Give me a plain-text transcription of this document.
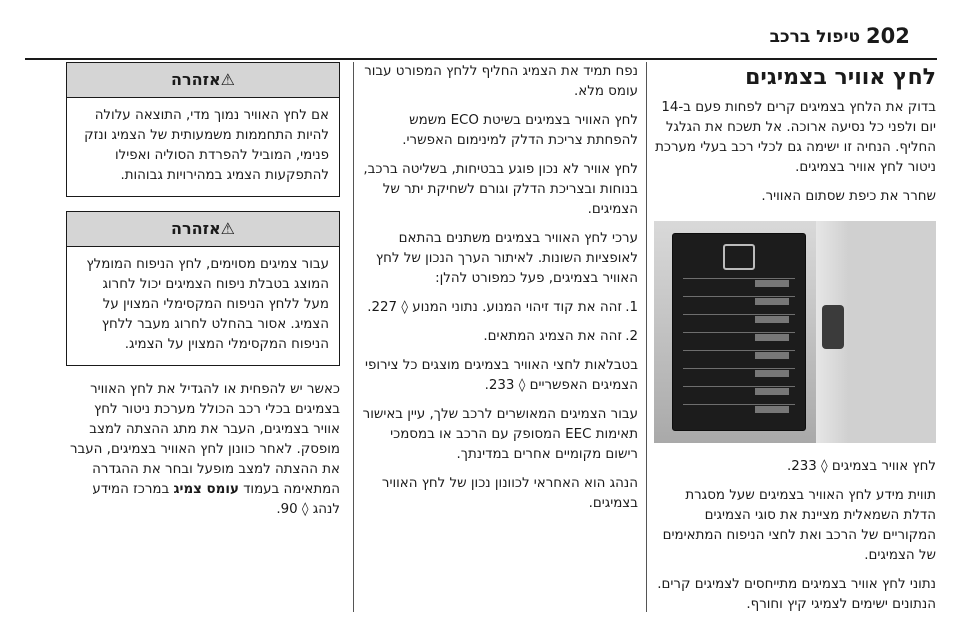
202
טיפול ברכב
לחץ אוויר בצמיגים

בדוק את הלחץ בצמיגים קרים לפחות פעם ב-14 יום ולפני כל נסיעה ארוכה. אל תשכח את הגלגל החליף. הנחיה זו ישימה גם לכלי רכב בעלי מערכת ניטור לחץ אוויר בצמיגים.

שחרר את כיפת שסתום האוויר.

לחץ אוויר בצמיגים ◊ 233.

תווית מידע לחץ האוויר בצמיגים שעל מסגרת הדלת השמאלית מציינת את סוגי הצמיגים המקוריים של הרכב ואת לחצי הניפוח המתאימים של הצמיגים.

נתוני לחץ אוויר בצמיגים מתייחסים לצמיגים קרים. הנתונים ישימים לצמיגי קיץ וחורף.

נפח תמיד את הצמיג החליף ללחץ המפורט עבור עומס מלא.

לחץ האוויר בצמיגים בשיטת ECO משמש להפחתת צריכת הדלק למינימום האפשרי.

לחץ אוויר לא נכון פוגע בבטיחות, בשליטה ברכב, בנוחות ובצריכת הדלק וגורם לשחיקת יתר של הצמיגים.

ערכי לחץ האוויר בצמיגים משתנים בהתאם לאופציות השונות. לאיתור הערך הנכון של לחץ האוויר בצמיגים, פעל כמפורט להלן:

1.
זהה את קוד זיהוי המנוע. נתוני המנוע ◊ 227.
2.
זהה את הצמיג המתאים.

בטבלאות לחצי האוויר בצמיגים מוצגים כל צירופי הצמיגים האפשריים ◊ 233.

עבור הצמיגים המאושרים לרכב שלך, עיין באישור תאימות EEC המסופק עם הרכב או במסמכי רישום מקומיים אחרים במדינתך.

הנהג הוא האחראי לכוונון נכון של לחץ האוויר בצמיגים.

⚠אזהרה

אם לחץ האוויר נמוך מדי, התוצאה עלולה להיות התחממות משמעותית של הצמיג ונזק פנימי, המוביל להפרדת הסוליה ואפילו להתפקעות הצמיג במהירויות גבוהות.

⚠אזהרה

עבור צמיגים מסוימים, לחץ הניפוח המומלץ המוצג בטבלת ניפוח הצמיגים יכול לחרוג מעל ללחץ הניפוח המקסימלי המצוין על הצמיג. אסור בהחלט לחרוג מעבר ללחץ הניפוח המקסימלי המצוין על הצמיג.

כאשר יש להפחית או להגדיל את לחץ האוויר בצמיגים בכלי רכב הכולל מערכת ניטור לחץ אוויר בצמיגים, העבר את מתג ההצתה למצב מופסק. לאחר כוונון לחץ האוויר בצמיגים, העבר את ההצתה למצב מופעל ובחר את ההגדרה המתאימה בעמוד עומס צמיג במרכז המידע לנהג ◊ 90.
